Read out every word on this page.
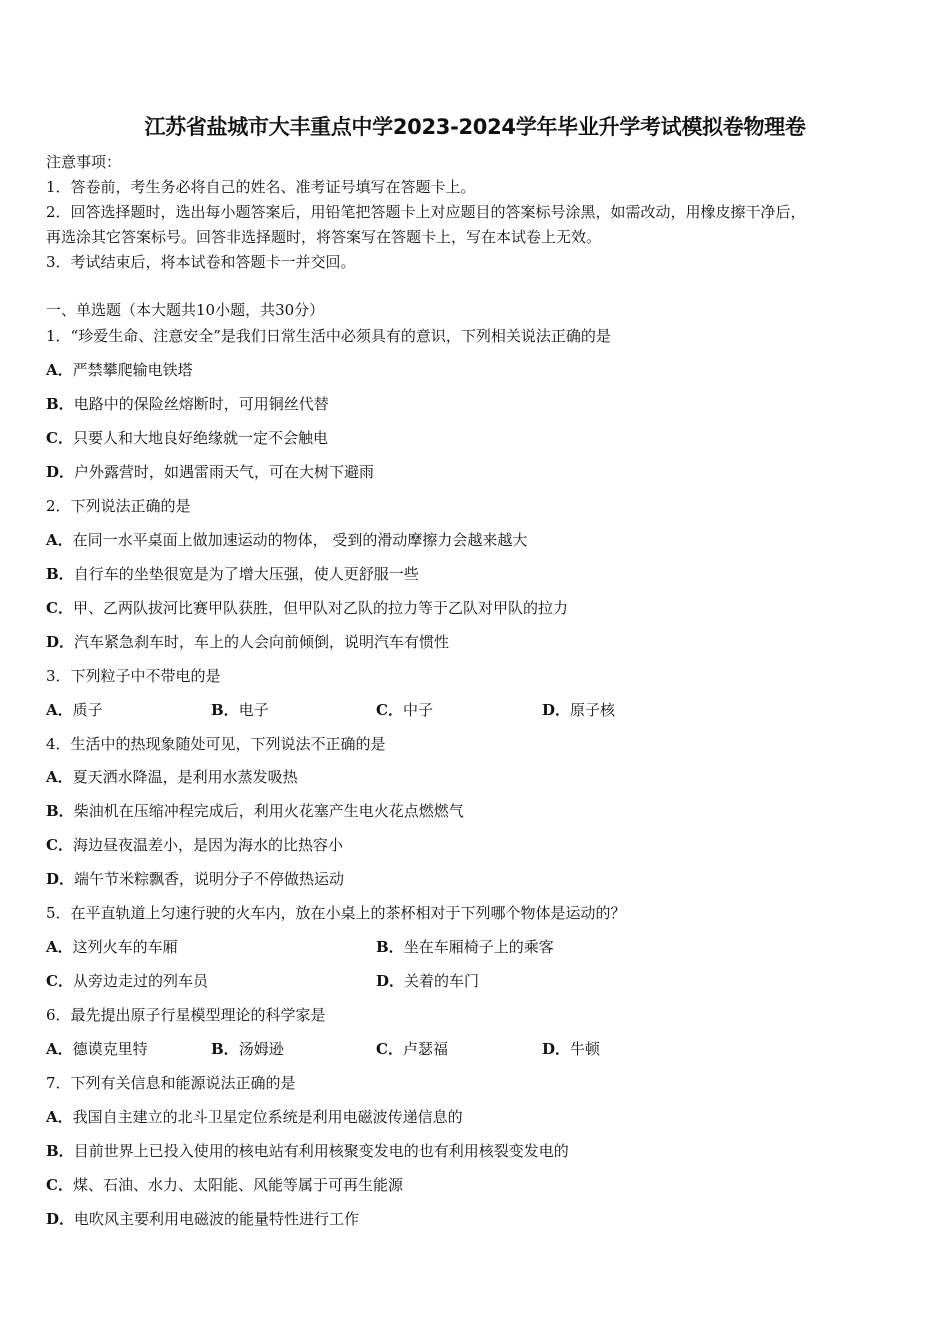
江苏省盐城市大丰重点中学2023-2024学年毕业升学考试模拟卷物理卷
注意事项：
1．答卷前，考生务必将自己的姓名、准考证号填写在答题卡上。
2．回答选择题时，选出每小题答案后，用铅笔把答题卡上对应题目的答案标号涂黑，如需改动，用橡皮擦干净后，
再选涂其它答案标号。回答非选择题时，将答案写在答题卡上，写在本试卷上无效。
3．考试结束后，将本试卷和答题卡一并交回。
一、单选题（本大题共10小题，共30分）
1．“珍爱生命、注意安全”是我们日常生活中必须具有的意识，下列相关说法正确的是
A．严禁攀爬输电铁塔
B．电路中的保险丝熔断时，可用铜丝代替
C．只要人和大地良好绝缘就一定不会触电
D．户外露营时，如遇雷雨天气，可在大树下避雨
2．下列说法正确的是
A．在同一水平桌面上做加速运动的物体， 受到的滑动摩擦力会越来越大
B．自行车的坐垫很宽是为了增大压强，使人更舒服一些
C．甲、乙两队拔河比赛甲队获胜，但甲队对乙队的拉力等于乙队对甲队的拉力
D．汽车紧急刹车时，车上的人会向前倾倒，说明汽车有惯性
3．下列粒子中不带电的是
A．质子	B．电子	C．中子	D．原子核
4．生活中的热现象随处可见，下列说法不正确的是
A．夏天洒水降温，是利用水蒸发吸热
B．柴油机在压缩冲程完成后，利用火花塞产生电火花点燃燃气
C．海边昼夜温差小，是因为海水的比热容小
D．端午节米粽飘香，说明分子不停做热运动
5．在平直轨道上匀速行驶的火车内，放在小桌上的茶杯相对于下列哪个物体是运动的？
A．这列火车的车厢	B．坐在车厢椅子上的乘客
C．从旁边走过的列车员	D．关着的车门
6．最先提出原子行星模型理论的科学家是
A．德谟克里特	B．汤姆逊	C．卢瑟福	D．牛顿
7．下列有关信息和能源说法正确的是
A．我国自主建立的北斗卫星定位系统是利用电磁波传递信息的
B．目前世界上已投入使用的核电站有利用核聚变发电的也有利用核裂变发电的
C．煤、石油、水力、太阳能、风能等属于可再生能源
D．电吹风主要利用电磁波的能量特性进行工作
